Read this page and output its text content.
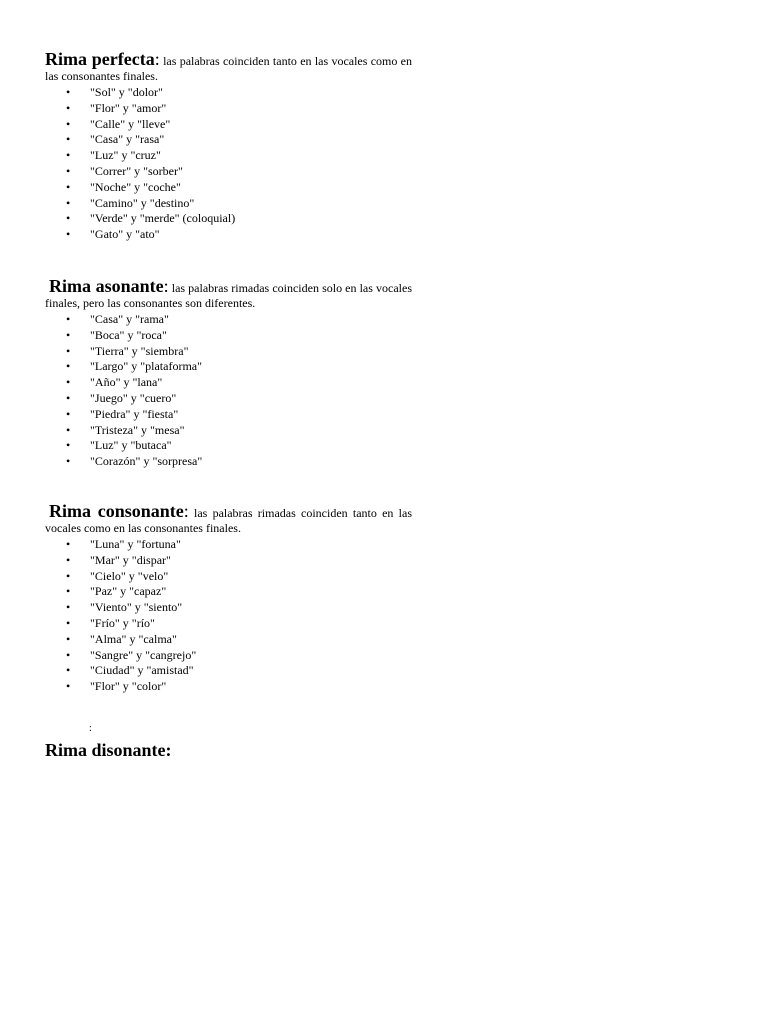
Rima perfecta: las palabras coinciden tanto en las vocales como en las consonantes finales.

• "Sol" y "dolor"
• "Flor" y "amor"
• "Calle" y "lleve"
• "Casa" y "rasa"
• "Luz" y "cruz"
• "Correr" y "sorber"
• "Noche" y "coche"
• "Camino" y "destino"
• "Verde" y "merde" (coloquial)
• "Gato" y "ato"

Rima asonante: las palabras rimadas coinciden solo en las vocales finales, pero las consonantes son diferentes.

• "Casa" y "rama"
• "Boca" y "roca"
• "Tierra" y "siembra"
• "Largo" y "plataforma"
• "Año" y "lana"
• "Juego" y "cuero"
• "Piedra" y "fiesta"
• "Tristeza" y "mesa"
• "Luz" y "butaca"
• "Corazón" y "sorpresa"

Rima consonante: las palabras rimadas coinciden tanto en las vocales como en las consonantes finales.

• "Luna" y "fortuna"
• "Mar" y "dispar"
• "Cielo" y "velo"
• "Paz" y "capaz"
• "Viento" y "siento"
• "Frío" y "río"
• "Alma" y "calma"
• "Sangre" y "cangrejo"
• "Ciudad" y "amistad"
• "Flor" y "color"
:
Rima disonante:
